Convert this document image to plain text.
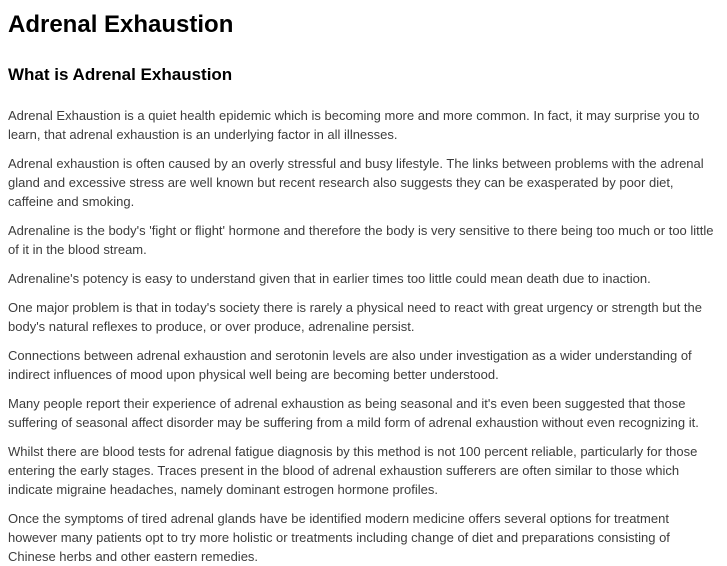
Adrenal Exhaustion
What is Adrenal Exhaustion

Adrenal Exhaustion is a quiet health epidemic which is becoming more and more common. In fact, it may surprise you to learn, that adrenal exhaustion is an underlying factor in all illnesses.

Adrenal exhaustion is often caused by an overly stressful and busy lifestyle. The links between problems with the adrenal gland and excessive stress are well known but recent research also suggests they can be exasperated by poor diet, caffeine and smoking.

Adrenaline is the body's 'fight or flight' hormone and therefore the body is very sensitive to there being too much or too little of it in the blood stream.

Adrenaline's potency is easy to understand given that in earlier times too little could mean death due to inaction.

One major problem is that in today's society there is rarely a physical need to react with great urgency or strength but the body's natural reflexes to produce, or over produce, adrenaline persist.

Connections between adrenal exhaustion and serotonin levels are also under investigation as a wider understanding of indirect influences of mood upon physical well being are becoming better understood.

Many people report their experience of adrenal exhaustion as being seasonal and it's even been suggested that those suffering of seasonal affect disorder may be suffering from a mild form of adrenal exhaustion without even recognizing it.

Whilst there are blood tests for adrenal fatigue diagnosis by this method is not 100 percent reliable, particularly for those entering the early stages. Traces present in the blood of adrenal exhaustion sufferers are often similar to those which indicate migraine headaches, namely dominant estrogen hormone profiles.

Once the symptoms of tired adrenal glands have be identified modern medicine offers several options for treatment however many patients opt to try more holistic or treatments including change of diet and preparations consisting of Chinese herbs and other eastern remedies.
